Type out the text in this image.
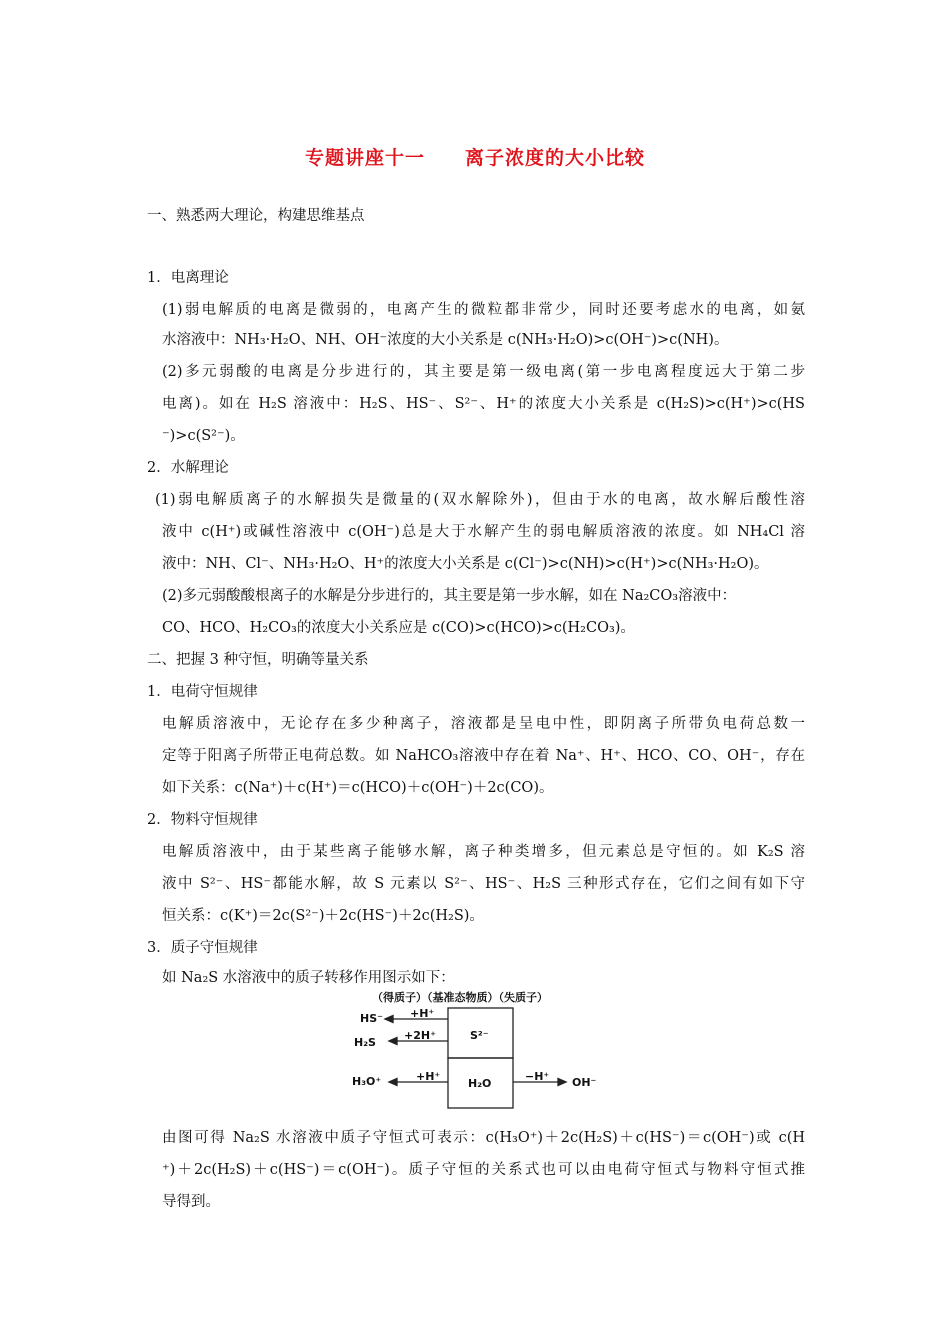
专题讲座十一　　离子浓度的大小比较
一、熟悉两大理论，构建思维基点
1．电离理论
(1)弱电解质的电离是微弱的，电离产生的微粒都非常少，同时还要考虑水的电离，如氨
水溶液中：NH₃·H₂O、NH、OH⁻浓度的大小关系是 c(NH₃·H₂O)>c(OH⁻)>c(NH)。
(2)多元弱酸的电离是分步进行的，其主要是第一级电离(第一步电离程度远大于第二步
电离)。如在 H₂S 溶液中：H₂S、HS⁻、S²⁻、H⁺的浓度大小关系是 c(H₂S)>c(H⁺)>c(HS
⁻)>c(S²⁻)。
2．水解理论
(1)弱电解质离子的水解损失是微量的(双水解除外)，但由于水的电离，故水解后酸性溶
液中 c(H⁺)或碱性溶液中 c(OH⁻)总是大于水解产生的弱电解质溶液的浓度。如 NH₄Cl 溶
液中：NH、Cl⁻、NH₃·H₂O、H⁺的浓度大小关系是 c(Cl⁻)>c(NH)>c(H⁺)>c(NH₃·H₂O)。
(2)多元弱酸酸根离子的水解是分步进行的，其主要是第一步水解，如在 Na₂CO₃溶液中：
CO、HCO、H₂CO₃的浓度大小关系应是 c(CO)>c(HCO)>c(H₂CO₃)。
二、把握 3 种守恒，明确等量关系
1．电荷守恒规律
电解质溶液中，无论存在多少种离子，溶液都是呈电中性，即阴离子所带负电荷总数一
定等于阳离子所带正电荷总数。如 NaHCO₃溶液中存在着 Na⁺、H⁺、HCO、CO、OH⁻，存在
如下关系：c(Na⁺)＋c(H⁺)＝c(HCO)＋c(OH⁻)＋2c(CO)。
2．物料守恒规律
电解质溶液中，由于某些离子能够水解，离子种类增多，但元素总是守恒的。如 K₂S 溶
液中 S²⁻、HS⁻都能水解，故 S 元素以 S²⁻、HS⁻、H₂S 三种形式存在，它们之间有如下守
恒关系：c(K⁺)＝2c(S²⁻)＋2c(HS⁻)＋2c(H₂S)。
3．质子守恒规律
如 Na₂S 水溶液中的质子转移作用图示如下：
（得质子）（基准态物质）（失质子）
HS⁻ +H⁺
H₂S
+2H⁺	S²⁻
H₃O⁺	+H⁺
H₂O
−H⁺ OH⁻
由图可得 Na₂S 水溶液中质子守恒式可表示：c(H₃O⁺)＋2c(H₂S)＋c(HS⁻)＝c(OH⁻)或 c(H
⁺)＋2c(H₂S)＋c(HS⁻)＝c(OH⁻)。质子守恒的关系式也可以由电荷守恒式与物料守恒式推
导得到。
